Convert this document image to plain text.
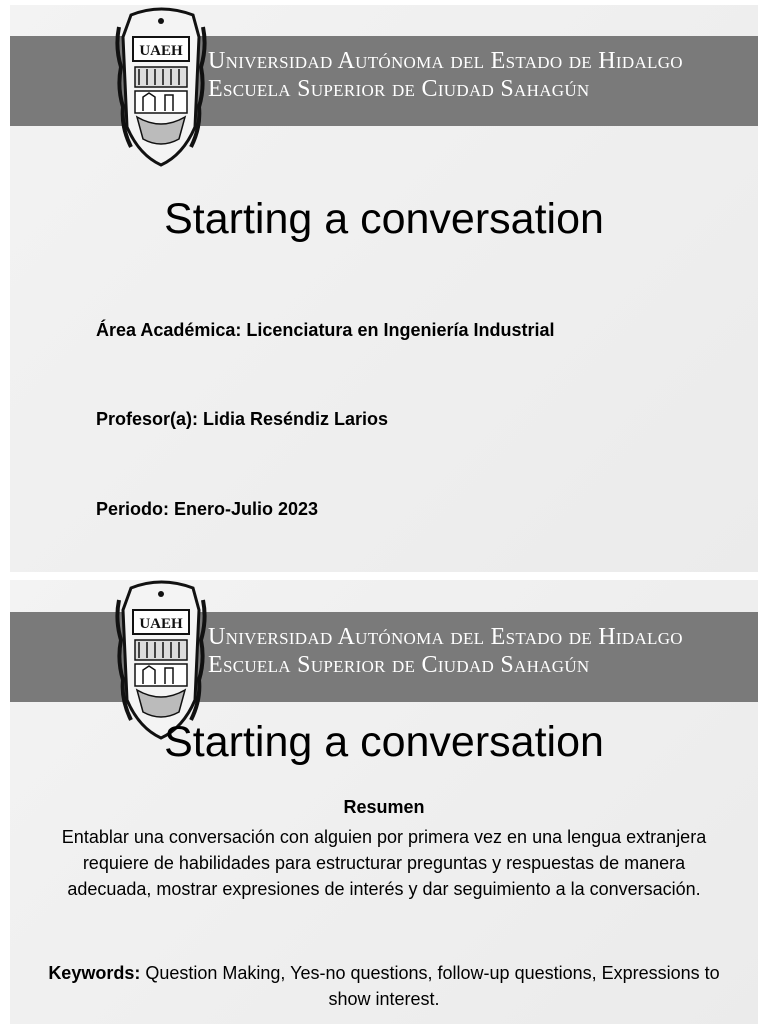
Universidad Autónoma del Estado de Hidalgo
Escuela Superior de Ciudad Sahagún
UAEH
Starting a conversation
Área Académica: Licenciatura en Ingeniería Industrial
Profesor(a): Lidia Reséndiz Larios
Periodo: Enero-Julio 2023
Universidad Autónoma del Estado de Hidalgo
Escuela Superior de Ciudad Sahagún
UAEH
Starting a conversation
Resumen
Entablar una conversación con alguien por primera vez en una lengua extranjera requiere de habilidades para estructurar preguntas y respuestas de manera adecuada, mostrar expresiones de interés y dar seguimiento a la conversación.
Keywords: Question Making, Yes-no questions, follow-up questions, Expressions to show interest.
